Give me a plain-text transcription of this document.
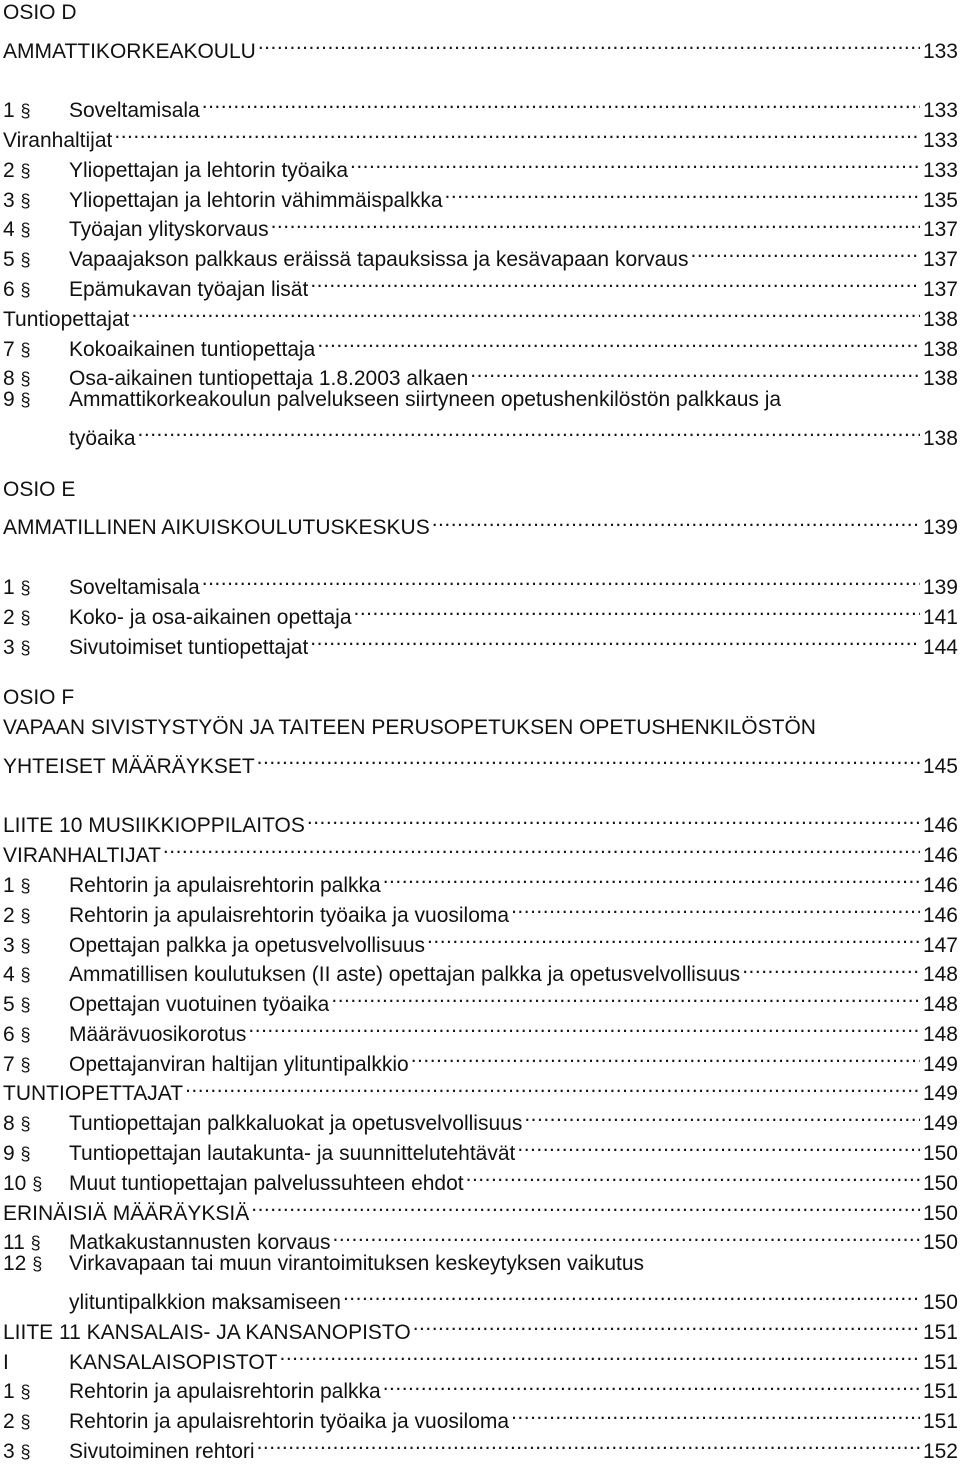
OSIO D
AMMATTIKORKEAKOULU .....	133
1 §	Soveltamisala .....	133
Viranhaltijat .....	133
2 §	Yliopettajan ja lehtorin työaika .....	133
3 §	Yliopettajan ja lehtorin vähimmäispalkka .....	135
4 §	Työajan ylityskorvaus .....	137
5 §	Vapaajakson palkkaus eräissä tapauksissa ja kesävapaan korvaus .....	137
6 §	Epämukavan työajan lisät .....	137
Tuntiopettajat .....	138
7 §	Kokoaikainen tuntiopettaja .....	138
8 §	Osa-aikainen tuntiopettaja 1.8.2003 alkaen .....	138
9 §	Ammattikorkeakoulun palvelukseen siirtyneen opetushenkilöstön palkkaus ja
työaika .....	138
OSIO E
AMMATILLINEN AIKUISKOULUTUSKESKUS .....	139
1 §	Soveltamisala .....	139
2 §	Koko- ja osa-aikainen opettaja .....	141
3 §	Sivutoimiset tuntiopettajat .....	144
OSIO F
VAPAAN SIVISTYSTYÖN JA TAITEEN PERUSOPETUKSEN OPETUSHENKILÖSTÖN
YHTEISET MÄÄRÄYKSET .....	145
LIITE 10 MUSIIKKIOPPILAITOS .....	146
VIRANHALTIJAT .....	146
1 §	Rehtorin ja apulaisrehtorin palkka .....	146
2 §	Rehtorin ja apulaisrehtorin työaika ja vuosiloma .....	146
3 §	Opettajan palkka ja opetusvelvollisuus .....	147
4 §	Ammatillisen koulutuksen (II aste) opettajan palkka ja opetusvelvollisuus .....	148
5 §	Opettajan vuotuinen työaika .....	148
6 §	Määrävuosikorotus .....	148
7 §	Opettajanviran haltijan ylituntipalkkio .....	149
TUNTIOPETTAJAT .....	149
8 §	Tuntiopettajan palkkaluokat ja opetusvelvollisuus .....	149
9 §	Tuntiopettajan lautakunta- ja suunnittelutehtävät .....	150
10 §	Muut tuntiopettajan palvelussuhteen ehdot .....	150
ERINÄISIÄ MÄÄRÄYKSIÄ .....	150
11 §	Matkakustannusten korvaus .....	150
12 §	Virkavapaan tai muun virantoimituksen keskeytyksen vaikutus
ylituntipalkkion maksamiseen .....	150
LIITE 11 KANSALAIS- JA KANSANOPISTO .....	151
I	KANSALAISOPISTOT .....	151
1 §	Rehtorin ja apulaisrehtorin palkka .....	151
2 §	Rehtorin ja apulaisrehtorin työaika ja vuosiloma .....	151
3 §	Sivutoiminen rehtori .....	152
